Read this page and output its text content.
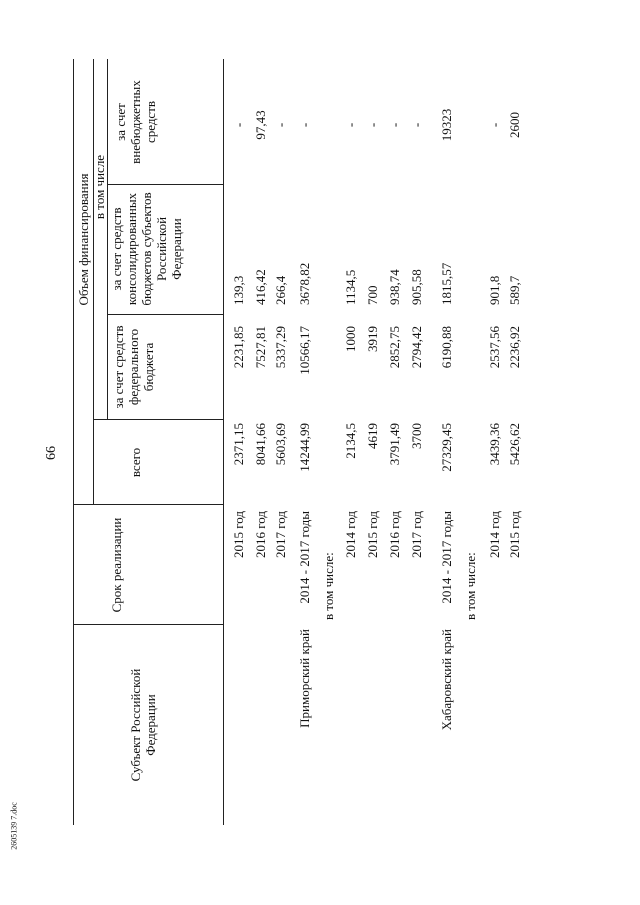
66
2605139 7.doc
Субъект Российской Федерации
Срок реализации
Объем финансирования в том числе
всего
за счет средств федерального бюджета
за счет средств консолидированных бюджетов субъектов Российской Федерации
за счет внебюджетных средств
2015 год
2371,15
2231,85
139,3
-
2016 год
8041,66
7527,81
416,42
97,43
2017 год
5603,69
5337,29
266,4
-
Приморский край
2014 - 2017 годы
14244,99
10566,17
3678,82
-
в том числе:
2014 год
2134,5
1000
1134,5
-
2015 год
4619
3919
700
-
2016 год
3791,49
2852,75
938,74
-
2017 год
3700
2794,42
905,58
-
Хабаровский край
2014 - 2017 годы
27329,45
6190,88
1815,57
19323
в том числе:
2014 год
3439,36
2537,56
901,8
-
2015 год
5426,62
2236,92
589,7
2600
